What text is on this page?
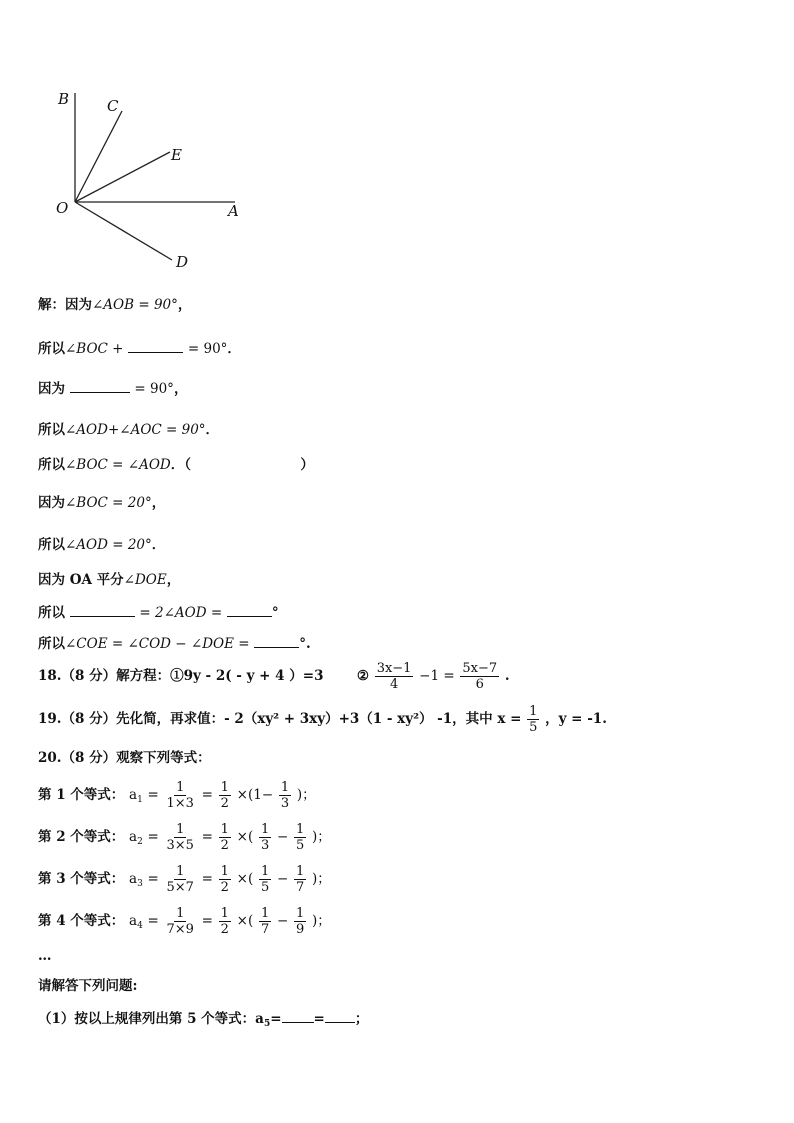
B	C
E
O	A
D
解：因为∠AOB = 90°，
所以∠BOC +	= 90°．
因为	= 90°，
所以∠AOD+∠AOC = 90°．
所以∠BOC = ∠AOD．（	）
因为∠BOC = 20°，
所以∠AOD = 20°．
因为 OA 平分∠DOE，
所以	= 2∠AOD =	°
所以∠COE = ∠COD − ∠DOE =	°.
18.（8 分）解方程：①9y - 2( - y + 4 ）=3 ② $\frac{3x-1}{4} -1 = \frac{5x-7}{6}$ .
19.（8 分）先化简，再求值：- 2（xy² + 3xy）+3（1 - xy²） -1，其中 $x = \frac{1}{5}$ ，y = -1.
20.（8 分）观察下列等式：
第 1 个等式： $a_1 = \frac{1}{1\times 3} = \frac{1}{2} \times(1- \frac{1}{3}$ )；
第 2 个等式： $a_2 = \frac{1}{3\times 5} = \frac{1}{2}$ ×( $\frac{1}{3} - \frac{1}{5}$ )；
第 3 个等式： $a_3 = \frac{1}{5\times 7} = \frac{1}{2}$ ×( $\frac{1}{5} - \frac{1}{7}$ )；
第 4 个等式： $a_4 = \frac{1}{7\times 9} = \frac{1}{2}$ ×( $\frac{1}{7} - \frac{1}{9}$ )；
…
请解答下列问题:
（1）按以上规律列出第 5 个等式：$a_5=$ = ；
